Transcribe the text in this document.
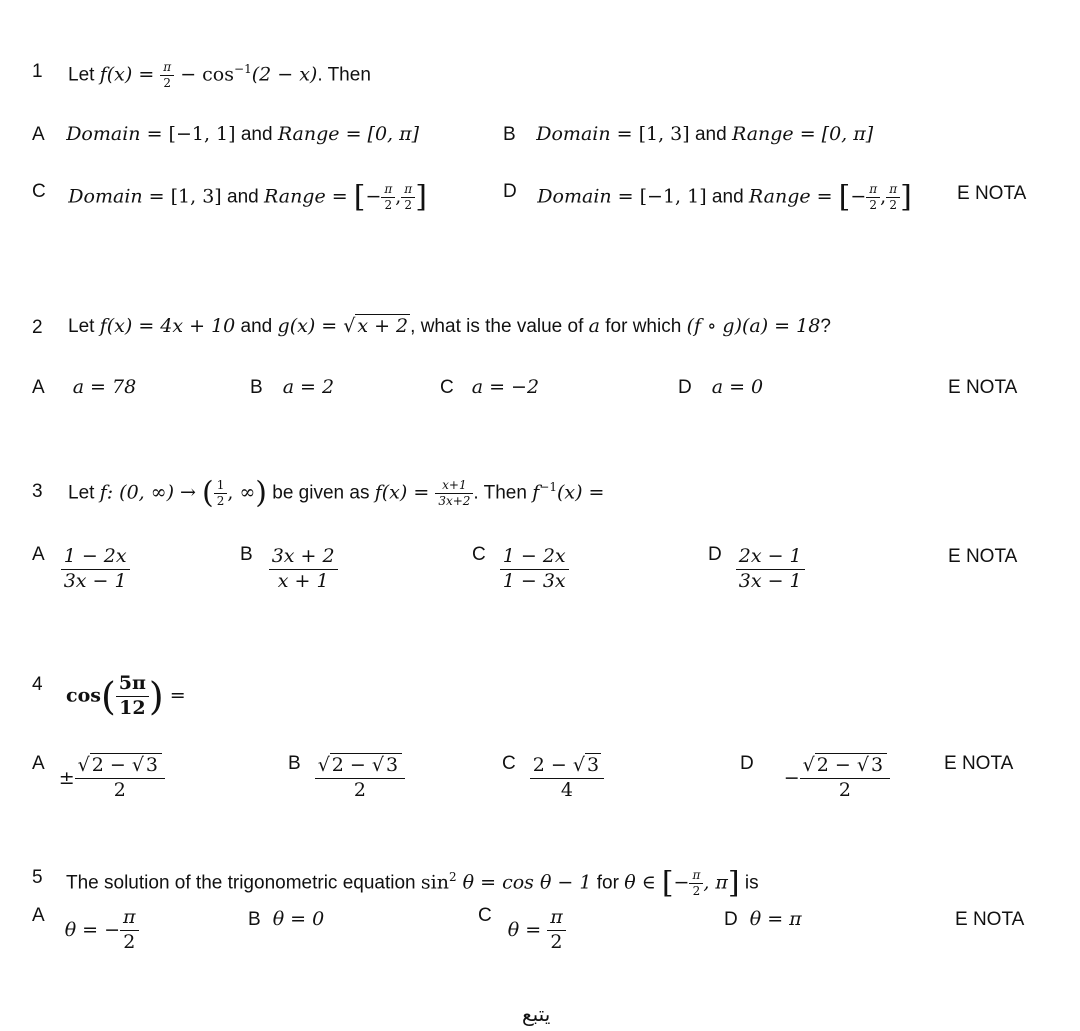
1 Let $f(x) = \frac{\pi}{2} - \cos^{-1}(2 - x)$. Then
A Domain = [−1, 1] and Range = [0, π]	B Domain = [1, 3] and Range = [0, π]
C Domain = [1, 3] and Range = [− $\frac{\pi}{2}$ , $\frac{\pi}{2}$ ]	D Domain = [−1, 1] and Range = [− $\frac{\pi}{2}$ , $\frac{\pi}{2}$ ] E NOTA
2 Let f(x) = 4x + 10 and g(x) = √ x + 2 , what is the value of a for which (f ∘ g)(a) = 18?
A a = 78	B a = 2	C a = −2	D a = 0	E NOTA
3 Let f: (0, ∞) → ( $\frac{1}{2}$ , ∞) be given as $f(x) = \frac{x+1}{3x+2}$ . Then $f^{-1}(x)$ =
A $\frac{1 - 2x}{3x - 1}$	B $\frac{3x + 2}{x + 1}$	C $\frac{1 - 2x}{1 - 3x}$	D $\frac{2x - 1}{3x - 1}$	E NOTA
4 $\cos( \frac{5\pi}{12}$ ) =
$A\pm \frac{√ 2 - √ 3}{2}$	B $\frac{√ 2 - √ 3}{2}$	C $\frac{2 - √ 3}{4}$	$D- \frac{√ 2 - √ 3}{2}$	E NOTA
5 The solution of the trigonometric equation $\sin^2 \theta = \cos \theta - 1$ for θ ∈ [− $\frac{\pi}{2}$ , π] is
Aθ = − $\frac{\pi}{2}$	B θ = 0	$C\theta = \frac{\pi}{2}$	D θ = π	E NOTA
يتبع
